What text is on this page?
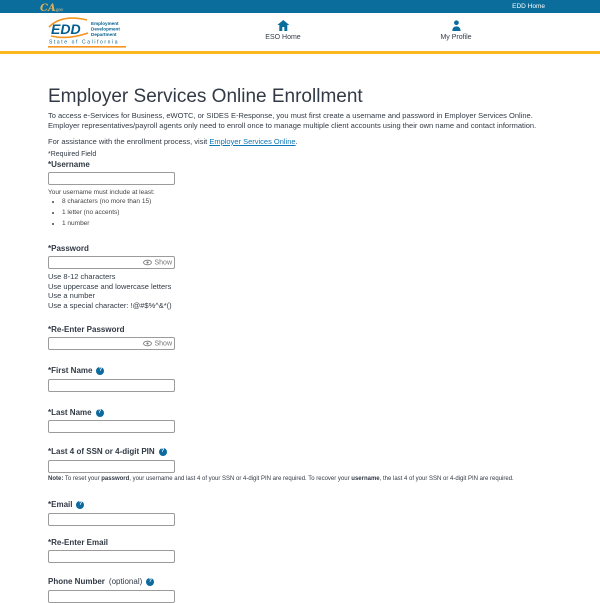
CA.gov	EDD Home
EDD Employment
Development
Department
State of California
ESO Home	My Profile
Employer Services Online Enrollment

To access e-Services for Business, eWOTC, or SIDES E-Response, you must first create a username and password in Employer Services Online. Employer representatives/payroll agents only need to enroll once to manage multiple client accounts using their own name and contact information.

For assistance with the enrollment process, visit Employer Services Online.

*Required Field

*Username
Your username must include at least:
• 8 characters (no more than 15)
• 1 letter (no accents)
• 1 number
*Password
Show
Use 8-12 characters
Use uppercase and lowercase letters
Use a number
Use a special character: !@#$%^&*()
*Re-Enter Password
Show
*First Name	?
*Last Name	?
*Last 4 of SSN or 4-digit PIN	?
Note: To reset your password, your username and last 4 of your SSN or 4-digit PIN are required. To recover your username, the last 4 of your SSN or 4-digit PIN are required.
*Email	?
*Re-Enter Email
Phone Number (optional)	?
